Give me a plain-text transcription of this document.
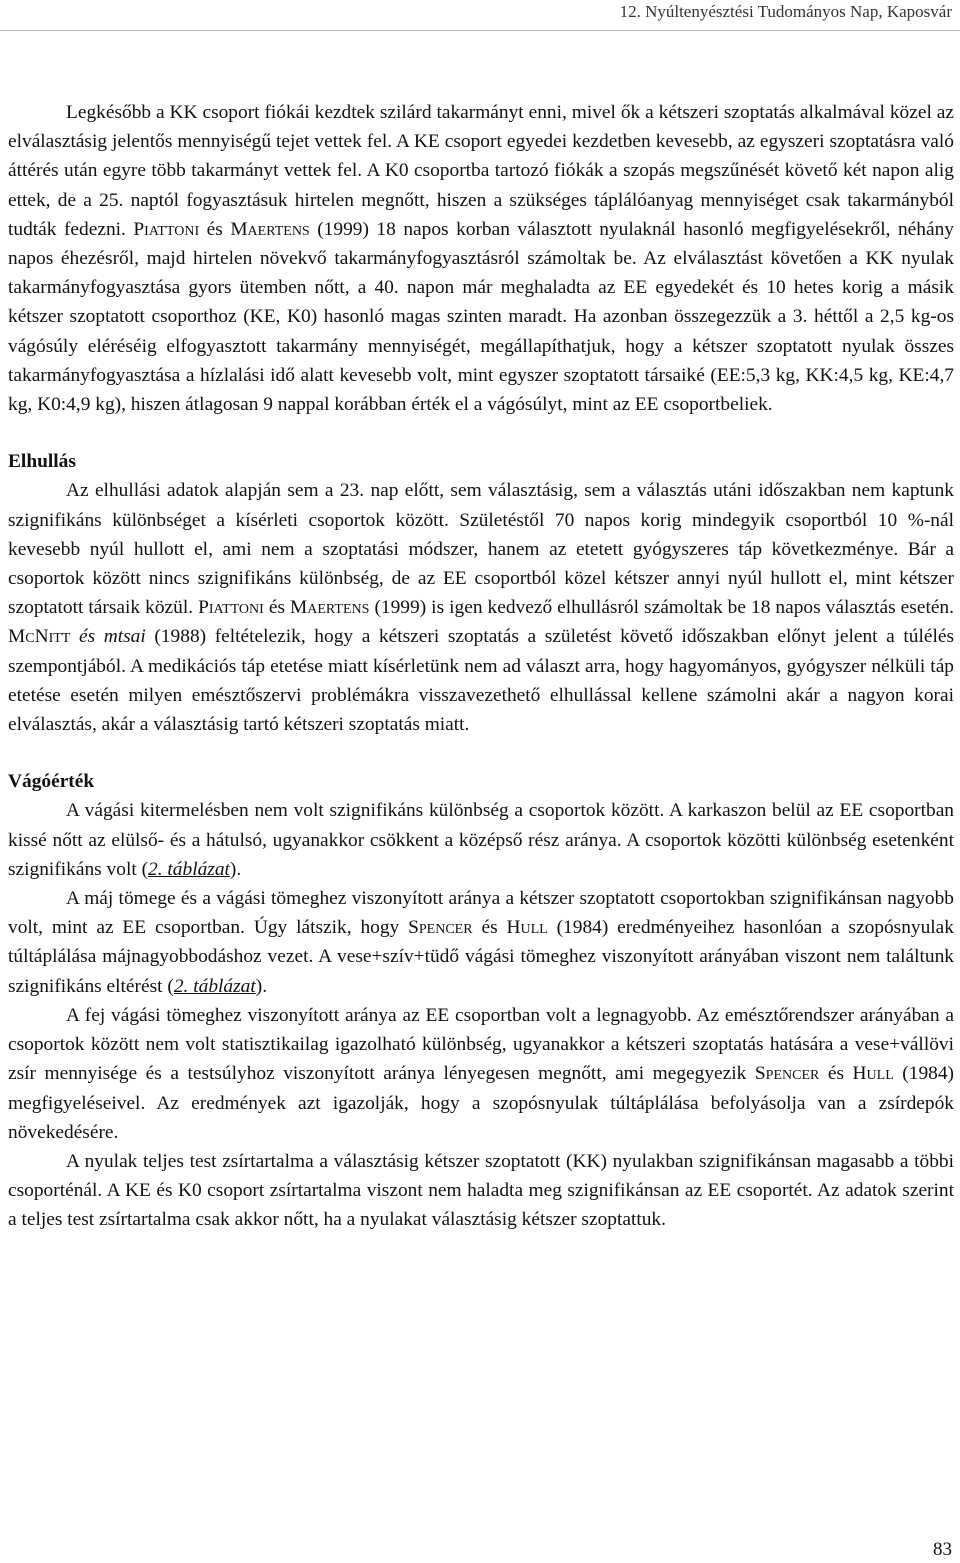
12. Nyúltenyésztési Tudományos Nap, Kaposvár

Legkésőbb a KK csoport fiókái kezdtek szilárd takarmányt enni, mivel ők a kétszeri szoptatás alkalmával közel az elválasztásig jelentős mennyiségű tejet vettek fel. A KE csoport egyedei kezdetben kevesebb, az egyszeri szoptatásra való áttérés után egyre több takarmányt vettek fel. A K0 csoportba tartozó fiókák a szopás megszűnését követő két napon alig ettek, de a 25. naptól fogyasztásuk hirtelen megnőtt, hiszen a szükséges táplálóanyag mennyiséget csak takarmányból tudták fedezni. Piattoni és Maertens (1999) 18 napos korban választott nyulaknál hasonló megfigyelésekről, néhány napos éhezésről, majd hirtelen növekvő takarmányfogyasztásról számoltak be. Az elválasztást követően a KK nyulak takarmányfogyasztása gyors ütemben nőtt, a 40. napon már meghaladta az EE egyedekét és 10 hetes korig a másik kétszer szoptatott csoporthoz (KE, K0) hasonló magas szinten maradt. Ha azonban összegezzük a 3. héttől a 2,5 kg-os vágósúly eléréséig elfogyasztott takarmány mennyiségét, megállapíthatjuk, hogy a kétszer szoptatott nyulak összes takarmányfogyasztása a hízlalási idő alatt kevesebb volt, mint egyszer szoptatott társaiké (EE:5,3 kg, KK:4,5 kg, KE:4,7 kg, K0:4,9 kg), hiszen átlagosan 9 nappal korábban érték el a vágósúlyt, mint az EE csoportbeliek.

Elhullás

Az elhullási adatok alapján sem a 23. nap előtt, sem választásig, sem a választás utáni időszakban nem kaptunk szignifikáns különbséget a kísérleti csoportok között. Születéstől 70 napos korig mindegyik csoportból 10 %-nál kevesebb nyúl hullott el, ami nem a szoptatási módszer, hanem az etetett gyógyszeres táp következménye. Bár a csoportok között nincs szignifikáns különbség, de az EE csoportból közel kétszer annyi nyúl hullott el, mint kétszer szoptatott társaik közül. Piattoni és Maertens (1999) is igen kedvező elhullásról számoltak be 18 napos választás esetén. McNitt és mtsai (1988) feltételezik, hogy a kétszeri szoptatás a születést követő időszakban előnyt jelent a túlélés szempontjából. A medikációs táp etetése miatt kísérletünk nem ad választ arra, hogy hagyományos, gyógyszer nélküli táp etetése esetén milyen emésztőszervi problémákra visszavezethető elhullással kellene számolni akár a nagyon korai elválasztás, akár a választásig tartó kétszeri szoptatás miatt.

Vágóérték

A vágási kitermelésben nem volt szignifikáns különbség a csoportok között. A karkaszon belül az EE csoportban kissé nőtt az elülső- és a hátulsó, ugyanakkor csökkent a középső rész aránya. A csoportok közötti különbség esetenként szignifikáns volt (2. táblázat).

A máj tömege és a vágási tömeghez viszonyított aránya a kétszer szoptatott csoportokban szignifikánsan nagyobb volt, mint az EE csoportban. Úgy látszik, hogy Spencer és Hull (1984) eredményeihez hasonlóan a szopósnyulak túltáplálása májnagyobbodáshoz vezet. A vese+szív+tüdő vágási tömeghez viszonyított arányában viszont nem találtunk szignifikáns eltérést (2. táblázat).

A fej vágási tömeghez viszonyított aránya az EE csoportban volt a legnagyobb. Az emésztőrendszer arányában a csoportok között nem volt statisztikailag igazolható különbség, ugyanakkor a kétszeri szoptatás hatására a vese+vállövi zsír mennyisége és a testsúlyhoz viszonyított aránya lényegesen megnőtt, ami megegyezik Spencer és Hull (1984) megfigyeléseivel. Az eredmények azt igazolják, hogy a szopósnyulak túltáplálása befolyásolja van a zsírdepók növekedésére.

A nyulak teljes test zsírtartalma a választásig kétszer szoptatott (KK) nyulakban szignifikánsan magasabb a többi csoporténál. A KE és K0 csoport zsírtartalma viszont nem haladta meg szignifikánsan az EE csoportét. Az adatok szerint a teljes test zsírtartalma csak akkor nőtt, ha a nyulakat választásig kétszer szoptattuk.

83
